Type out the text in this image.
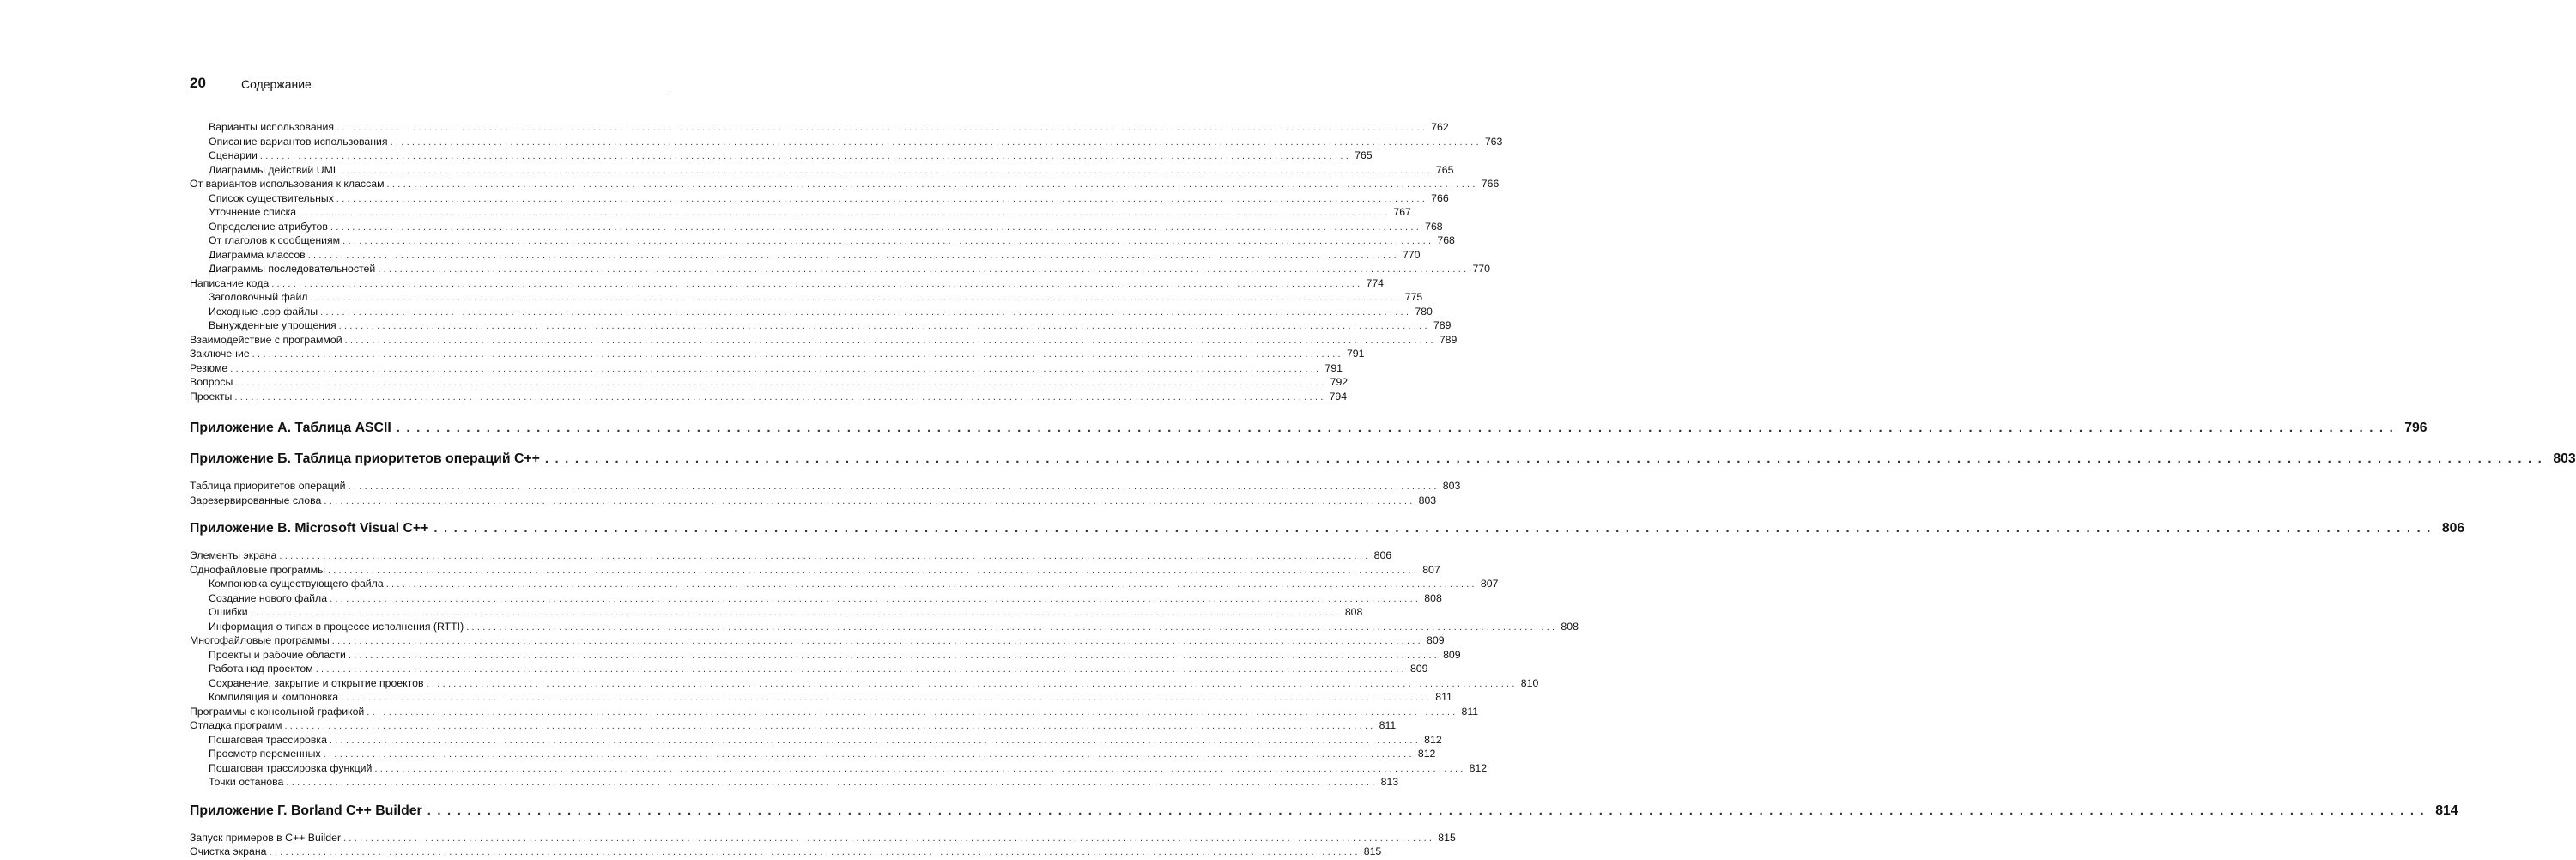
20	Содержание
Варианты использования ........................................................................................................................................................................................................ 762
Описание вариантов использования ........................................................................................................................................................................................................ 763
Сценарии ........................................................................................................................................................................................................ 765
Диаграммы действий UML ........................................................................................................................................................................................................ 765
От вариантов использования к классам ........................................................................................................................................................................................................ 766
Список существительных ........................................................................................................................................................................................................ 766
Уточнение списка ........................................................................................................................................................................................................ 767
Определение атрибутов ........................................................................................................................................................................................................ 768
От глаголов к сообщениям ........................................................................................................................................................................................................ 768
Диаграмма классов ........................................................................................................................................................................................................ 770
Диаграммы последовательностей ........................................................................................................................................................................................................ 770
Написание кода ........................................................................................................................................................................................................ 774
Заголовочный файл ........................................................................................................................................................................................................ 775
Исходные .cpp файлы ........................................................................................................................................................................................................ 780
Вынужденные упрощения ........................................................................................................................................................................................................ 789
Взаимодействие с программой ........................................................................................................................................................................................................ 789
Заключение ........................................................................................................................................................................................................ 791
Резюме ........................................................................................................................................................................................................ 791
Вопросы ........................................................................................................................................................................................................ 792
Проекты ........................................................................................................................................................................................................ 794
Приложение А. Таблица ASCII ........................................................................................................................................................................................................ 796
Приложение Б. Таблица приоритетов операций C++ ........................................................................................................................................................................................................ 803
Таблица приоритетов операций ........................................................................................................................................................................................................ 803
Зарезервированные слова ........................................................................................................................................................................................................ 803
Приложение В. Microsoft Visual C++ ........................................................................................................................................................................................................ 806
Элементы экрана ........................................................................................................................................................................................................ 806
Однофайловые программы ........................................................................................................................................................................................................ 807
Компоновка существующего файла ........................................................................................................................................................................................................ 807
Создание нового файла ........................................................................................................................................................................................................ 808
Ошибки ........................................................................................................................................................................................................ 808
Информация о типах в процессе исполнения (RTTI) ........................................................................................................................................................................................................ 808
Многофайловые программы ........................................................................................................................................................................................................ 809
Проекты и рабочие области ........................................................................................................................................................................................................ 809
Работа над проектом ........................................................................................................................................................................................................ 809
Сохранение, закрытие и открытие проектов ........................................................................................................................................................................................................ 810
Компиляция и компоновка ........................................................................................................................................................................................................ 811
Программы с консольной графикой ........................................................................................................................................................................................................ 811
Отладка программ ........................................................................................................................................................................................................ 811
Пошаговая трассировка ........................................................................................................................................................................................................ 812
Просмотр переменных ........................................................................................................................................................................................................ 812
Пошаговая трассировка функций ........................................................................................................................................................................................................ 812
Точки останова ........................................................................................................................................................................................................ 813
Приложение Г. Borland C++ Builder ........................................................................................................................................................................................................ 814
Запуск примеров в C++ Builder ........................................................................................................................................................................................................ 815
Очистка экрана ........................................................................................................................................................................................................ 815
